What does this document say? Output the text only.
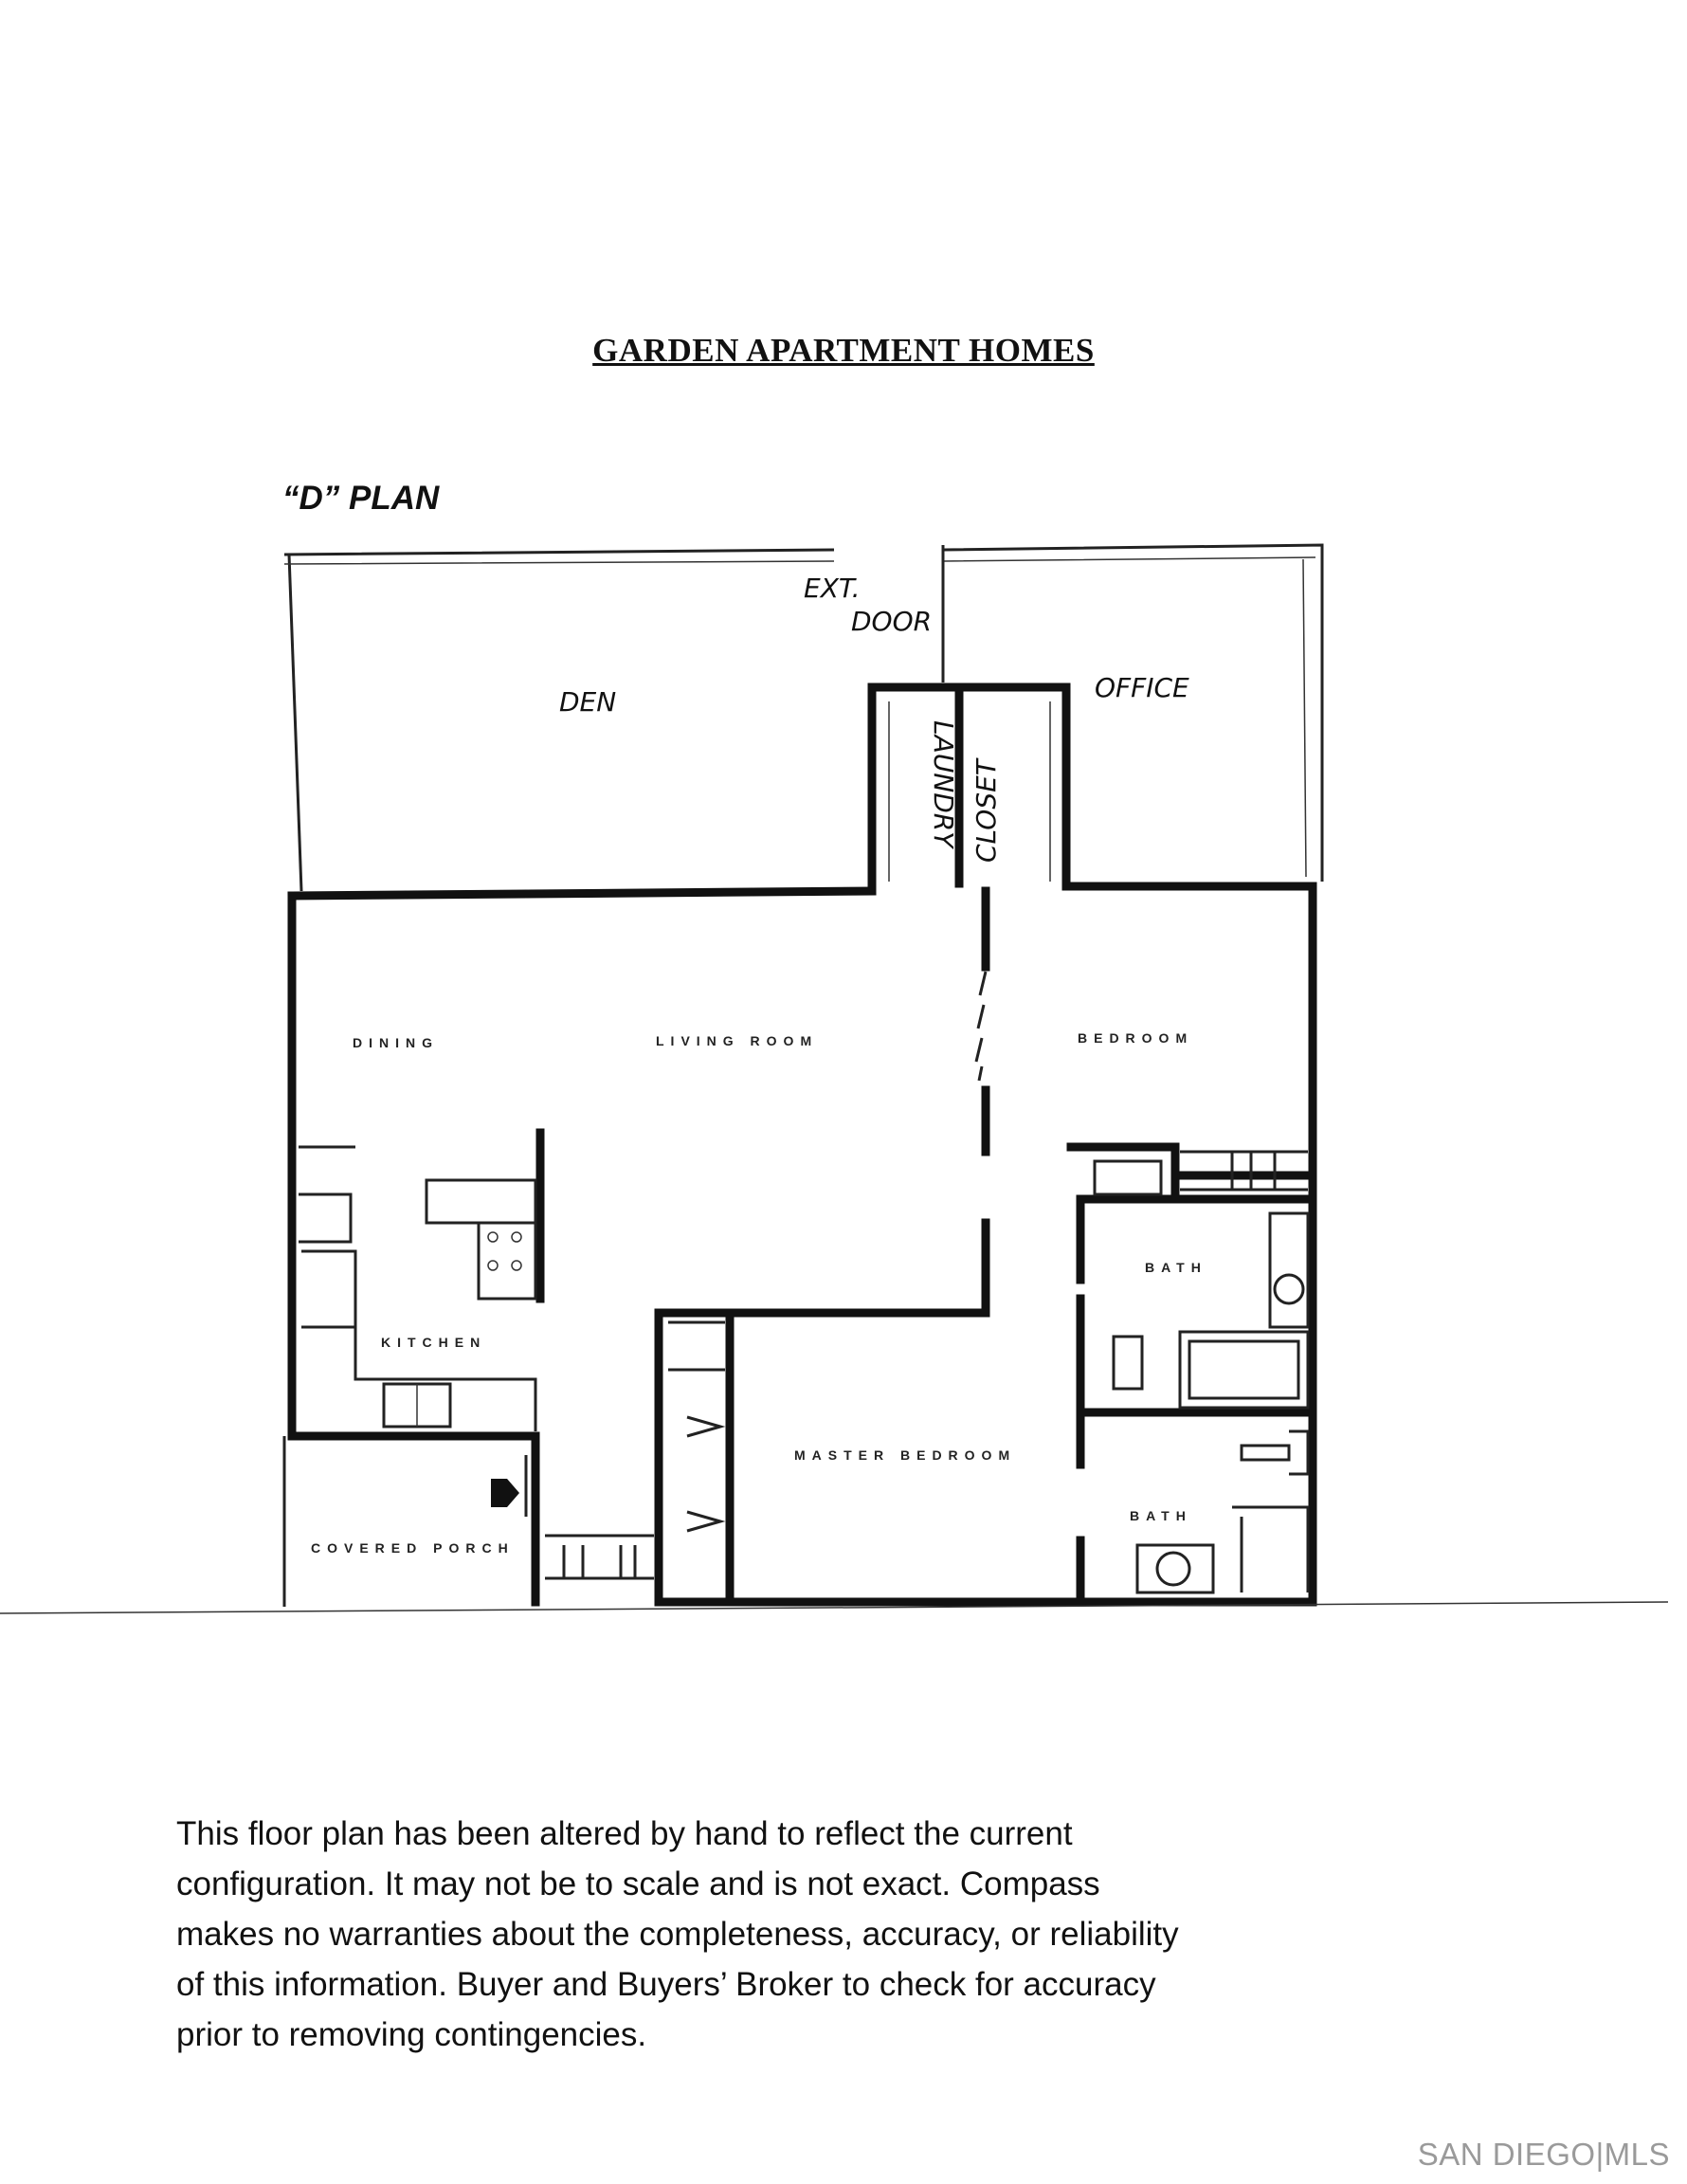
GARDEN APARTMENT HOMES
“D” PLAN
DEN
EXT.
DOOR
OFFICE
LAUNDRY CLOSET
DINING	LIVING ROOM	BEDROOM
BATH
KITCHEN
MASTER BEDROOM
BATH
COVERED PORCH
This floor plan has been altered by hand to reflect the current
configuration. It may not be to scale and is not exact. Compass
makes no warranties about the completeness, accuracy, or reliability
of this information. Buyer and Buyers’ Broker to check for accuracy
prior to removing contingencies.
SAN DIEGO|MLS
